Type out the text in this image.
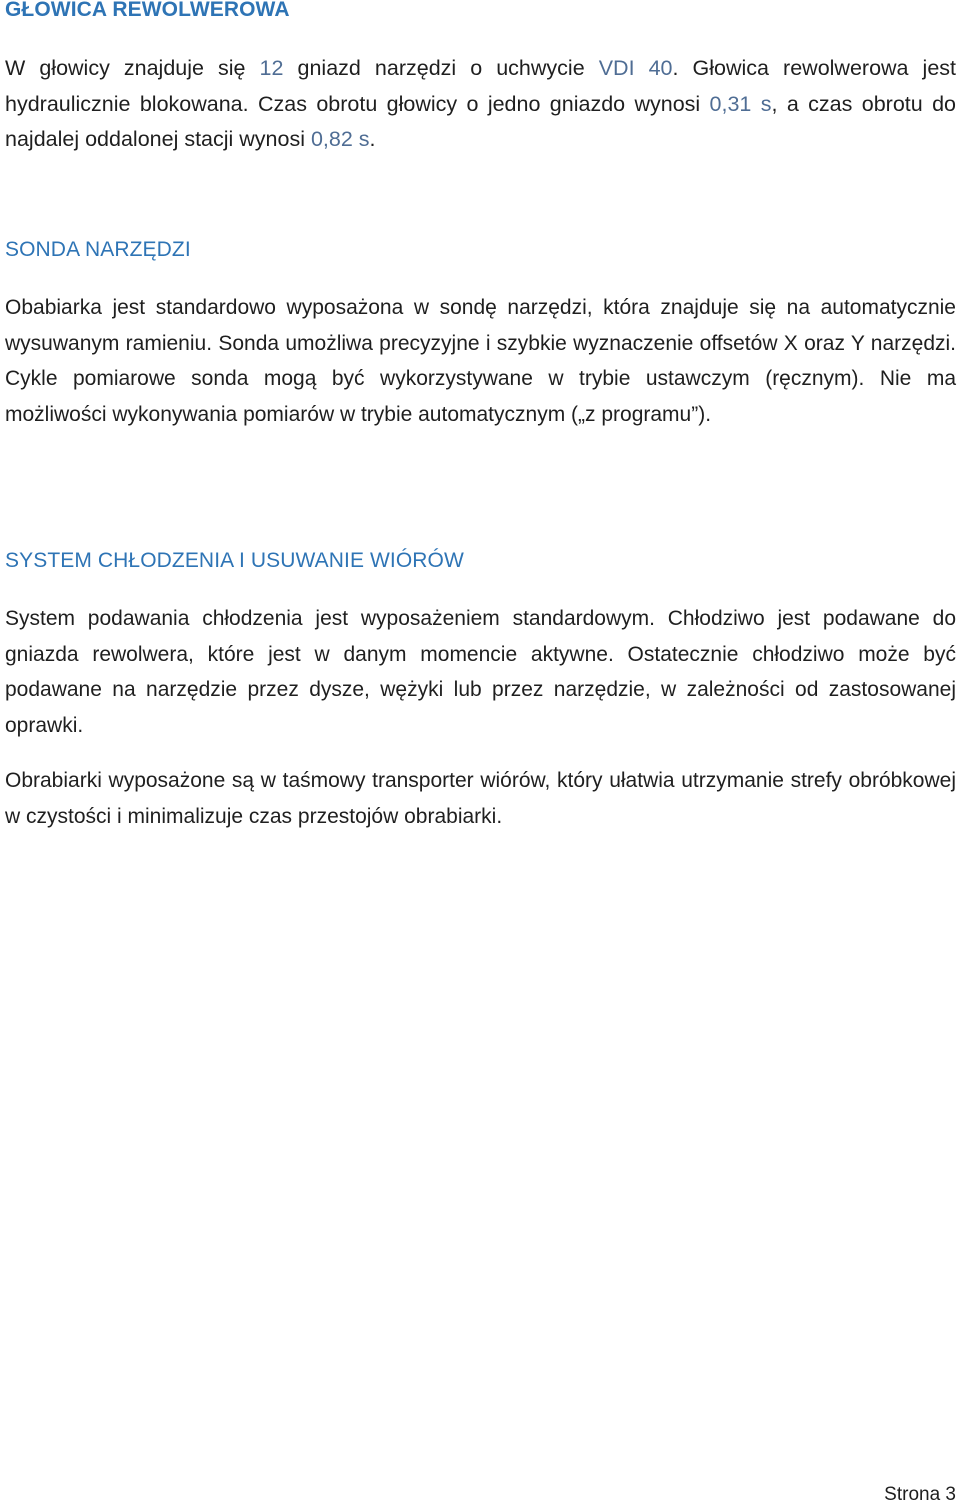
GŁOWICA REWOLWEROWA

W głowicy znajduje się 12 gniazd narzędzi o uchwycie VDI 40. Głowica rewolwerowa jest hydraulicznie blokowana. Czas obrotu głowicy o jedno gniazdo wynosi 0,31 s, a czas obrotu do najdalej oddalonej stacji wynosi 0,82 s.

SONDA NARZĘDZI

Obabiarka jest standardowo wyposażona w sondę narzędzi, która znajduje się na automatycznie wysuwanym ramieniu. Sonda umożliwa precyzyjne i szybkie wyznaczenie offsetów X oraz Y narzędzi. Cykle pomiarowe sonda mogą być wykorzystywane w trybie ustawczym (ręcznym). Nie ma możliwości wykonywania pomiarów w trybie automatycznym („z programu”).

SYSTEM CHŁODZENIA I USUWANIE WIÓRÓW

System podawania chłodzenia jest wyposażeniem standardowym. Chłodziwo jest podawane do gniazda rewolwera, które jest w danym momencie aktywne. Ostatecznie chłodziwo może być podawane na narzędzie przez dysze, wężyki lub przez narzędzie, w zależności od zastosowanej oprawki.

Obrabiarki wyposażone są w taśmowy transporter wiórów, który ułatwia utrzymanie strefy obróbkowej w czystości i minimalizuje czas przestojów obrabiarki.

Strona 3
